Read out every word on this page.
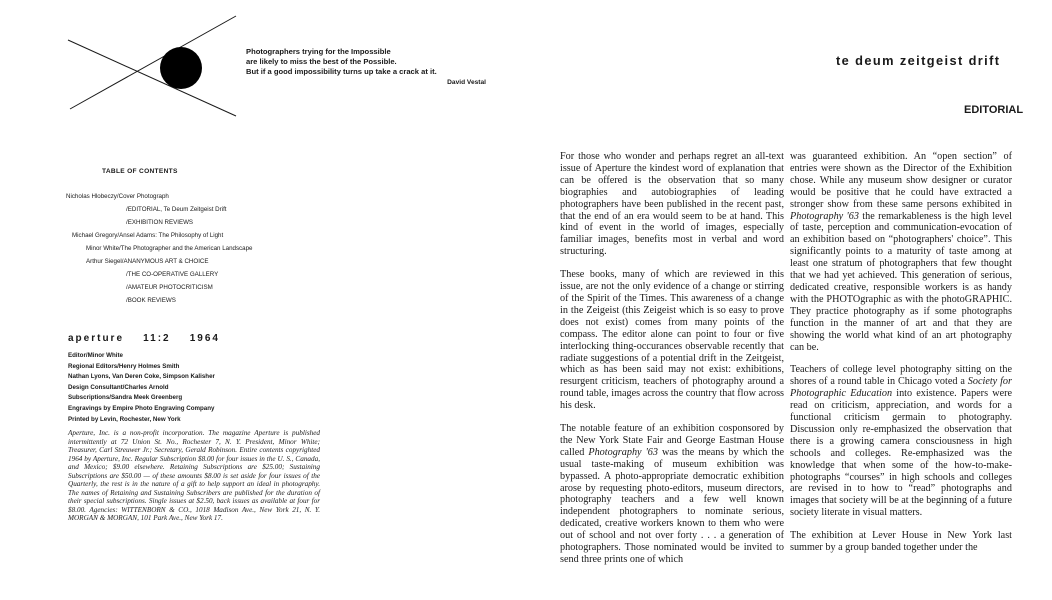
Photographers trying for the Impossible
are likely to miss the best of the Possible.
But if a good impossibility turns up take a crack at it.
David Vestal
te deum zeitgeist drift
EDITORIAL
TABLE OF CONTENTS
Nicholas Hlobeczy/Cover Photograph
/EDITORIAL, Te Deum Zeitgeist Drift
/EXHIBITION REVIEWS
Michael Gregory/Ansel Adams: The Philosophy of Light
Minor White/The Photographer and the American Landscape
Arthur Siegel/ANANYMOUS ART & CHOICE
/THE CO-OPERATIVE GALLERY
/AMATEUR PHOTOCRITICISM
/BOOK REVIEWS
aperture 11:2 1964
Editor/Minor White
Regional Editors/Henry Holmes Smith
Nathan Lyons, Van Deren Coke, Simpson Kalisher
Design Consultant/Charles Arnold
Subscriptions/Sandra Meek Greenberg
Engravings by Empire Photo Engraving Company
Printed by Levin, Rochester, New York
Aperture, Inc. is a non-profit incorporation. The magazine Aperture is published intermittently at 72 Union St. No., Rochester 7, N. Y. President, Minor White; Treasurer, Carl Streuwer Jr.; Secretary, Gerald Robinson. Entire contents copyrighted 1964 by Aperture, Inc. Regular Subscription $8.00 for four issues in the U. S., Canada, and Mexico; $9.00 elsewhere. Retaining Subscriptions are $25.00; Sustaining Subscriptions are $50.00 — of these amounts $8.00 is set aside for four issues of the Quarterly, the rest is in the nature of a gift to help support an ideal in photography. The names of Retaining and Sustaining Subscribers are published for the duration of their special subscriptions. Single issues at $2.50, back issues as available at four for $8.00. Agencies: WITTENBORN & CO., 1018 Madison Ave., New York 21, N. Y. MORGAN & MORGAN, 101 Park Ave., New York 17.

For those who wonder and perhaps regret an all-text issue of Aperture the kindest word of explanation that can be offered is the observation that so many biographies and autobiographies of leading photographers have been published in the recent past, that the end of an era would seem to be at hand. This kind of event in the world of images, especially familiar images, benefits most in verbal and word structuring.

These books, many of which are reviewed in this issue, are not the only evidence of a change or stirring of the Spirit of the Times. This awareness of a change in the Zeigeist (this Zeigeist which is so easy to prove does not exist) comes from many points of the compass. The editor alone can point to four or five interlocking thing-occurances observable recently that radiate suggestions of a potential drift in the Zeitgeist, which as has been said may not exist: exhibitions, resurgent criticism, teachers of photography around a round table, images across the country that flow across his desk.

The notable feature of an exhibition cosponsored by the New York State Fair and George Eastman House called Photography '63 was the means by which the usual taste-making of museum exhibition was bypassed. A photo-appropriate democratic exhibition arose by requesting photo-editors, museum directors, photography teachers and a few well known independent photographers to nominate serious, dedicated, creative workers known to them who were out of school and not over forty . . . a generation of photographers. Those nominated would be invited to send three prints one of which

was guaranteed exhibition. An “open section” of entries were shown as the Director of the Exhibition chose. While any museum show designer or curator would be positive that he could have extracted a stronger show from these same persons exhibited in Photography '63 the remarkableness is the high level of taste, perception and communication-evocation of an exhibition based on “photographers' choice”. This significantly points to a maturity of taste among at least one stratum of photographers that few thought that we had yet achieved. This generation of serious, dedicated creative, responsible workers is as handy with the PHOTOgraphic as with the photoGRAPHIC. They practice photography as if some photographs function in the manner of art and that they are showing the world what kind of an art photography can be.

Teachers of college level photography sitting on the shores of a round table in Chicago voted a Society for Photographic Education into existence. Papers were read on criticism, appreciation, and words for a functional criticism germain to photography. Discussion only re-emphasized the observation that there is a growing camera consciousness in high schools and colleges. Re-emphasized was the knowledge that when some of the how-to-make-photographs “courses” in high schools and colleges are revised in to how to “read” photographs and images that society will be at the beginning of a future society literate in visual matters.

The exhibition at Lever House in New York last summer by a group banded together under the
